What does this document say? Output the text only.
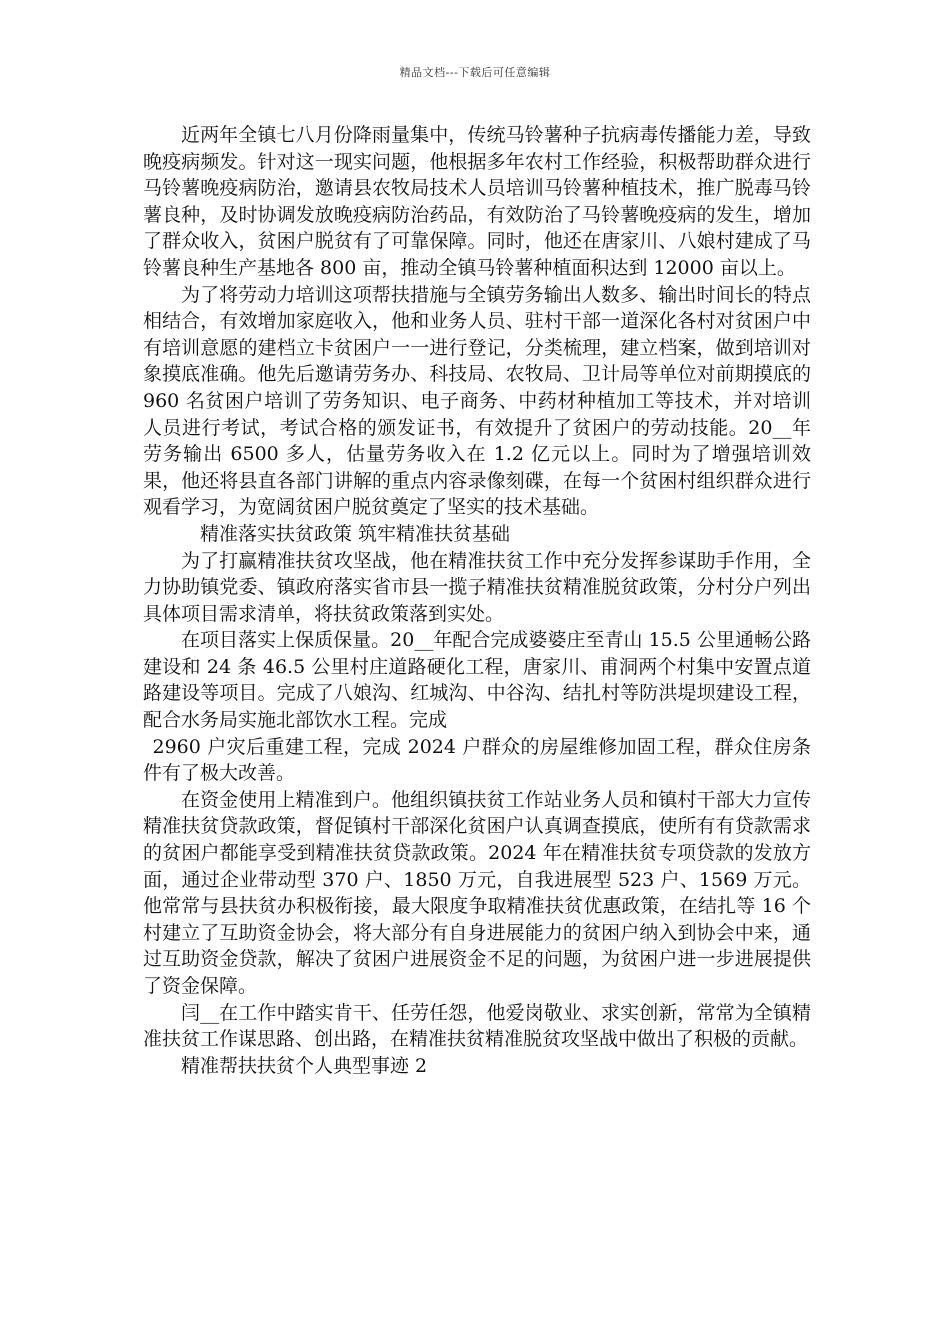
精品文档---下载后可任意编辑

近两年全镇七八月份降雨量集中，传统马铃薯种子抗病毒传播能力差，导致晚疫病频发。针对这一现实问题，他根据多年农村工作经验，积极帮助群众进行马铃薯晚疫病防治，邀请县农牧局技术人员培训马铃薯种植技术，推广脱毒马铃薯良种，及时协调发放晚疫病防治药品，有效防治了马铃薯晚疫病的发生，增加了群众收入，贫困户脱贫有了可靠保障。同时，他还在唐家川、八娘村建成了马铃薯良种生产基地各 800 亩，推动全镇马铃薯种植面积达到 12000 亩以上。

为了将劳动力培训这项帮扶措施与全镇劳务输出人数多、输出时间长的特点相结合，有效增加家庭收入，他和业务人员、驻村干部一道深化各村对贫困户中有培训意愿的建档立卡贫困户一一进行登记，分类梳理，建立档案，做到培训对象摸底准确。他先后邀请劳务办、科技局、农牧局、卫计局等单位对前期摸底的 960 名贫困户培训了劳务知识、电子商务、中药材种植加工等技术，并对培训人员进行考试，考试合格的颁发证书，有效提升了贫困户的劳动技能。20__年劳务输出 6500 多人，估量劳务收入在 1.2 亿元以上。同时为了增强培训效果，他还将县直各部门讲解的重点内容录像刻碟，在每一个贫困村组织群众进行观看学习，为宽阔贫困户脱贫奠定了坚实的技术基础。

精准落实扶贫政策 筑牢精准扶贫基础

为了打赢精准扶贫攻坚战，他在精准扶贫工作中充分发挥参谋助手作用，全力协助镇党委、镇政府落实省市县一揽子精准扶贫精准脱贫政策，分村分户列出具体项目需求清单，将扶贫政策落到实处。

在项目落实上保质保量。20__年配合完成婆婆庄至青山 15.5 公里通畅公路建设和 24 条 46.5 公里村庄道路硬化工程，唐家川、甫洞两个村集中安置点道路建设等项目。完成了八娘沟、红城沟、中谷沟、结扎村等防洪堤坝建设工程，配合水务局实施北部饮水工程。完成

2960 户灾后重建工程，完成 2024 户群众的房屋维修加固工程，群众住房条件有了极大改善。

在资金使用上精准到户。他组织镇扶贫工作站业务人员和镇村干部大力宣传精准扶贫贷款政策，督促镇村干部深化贫困户认真调查摸底，使所有有贷款需求的贫困户都能享受到精准扶贫贷款政策。2024 年在精准扶贫专项贷款的发放方面，通过企业带动型 370 户、1850 万元，自我进展型 523 户、1569 万元。他常常与县扶贫办积极衔接，最大限度争取精准扶贫优惠政策，在结扎等 16 个村建立了互助资金协会，将大部分有自身进展能力的贫困户纳入到协会中来，通过互助资金贷款，解决了贫困户进展资金不足的问题，为贫困户进一步进展提供了资金保障。

闫__在工作中踏实肯干、任劳任怨，他爱岗敬业、求实创新，常常为全镇精准扶贫工作谋思路、创出路，在精准扶贫精准脱贫攻坚战中做出了积极的贡献。

精准帮扶扶贫个人典型事迹 2
